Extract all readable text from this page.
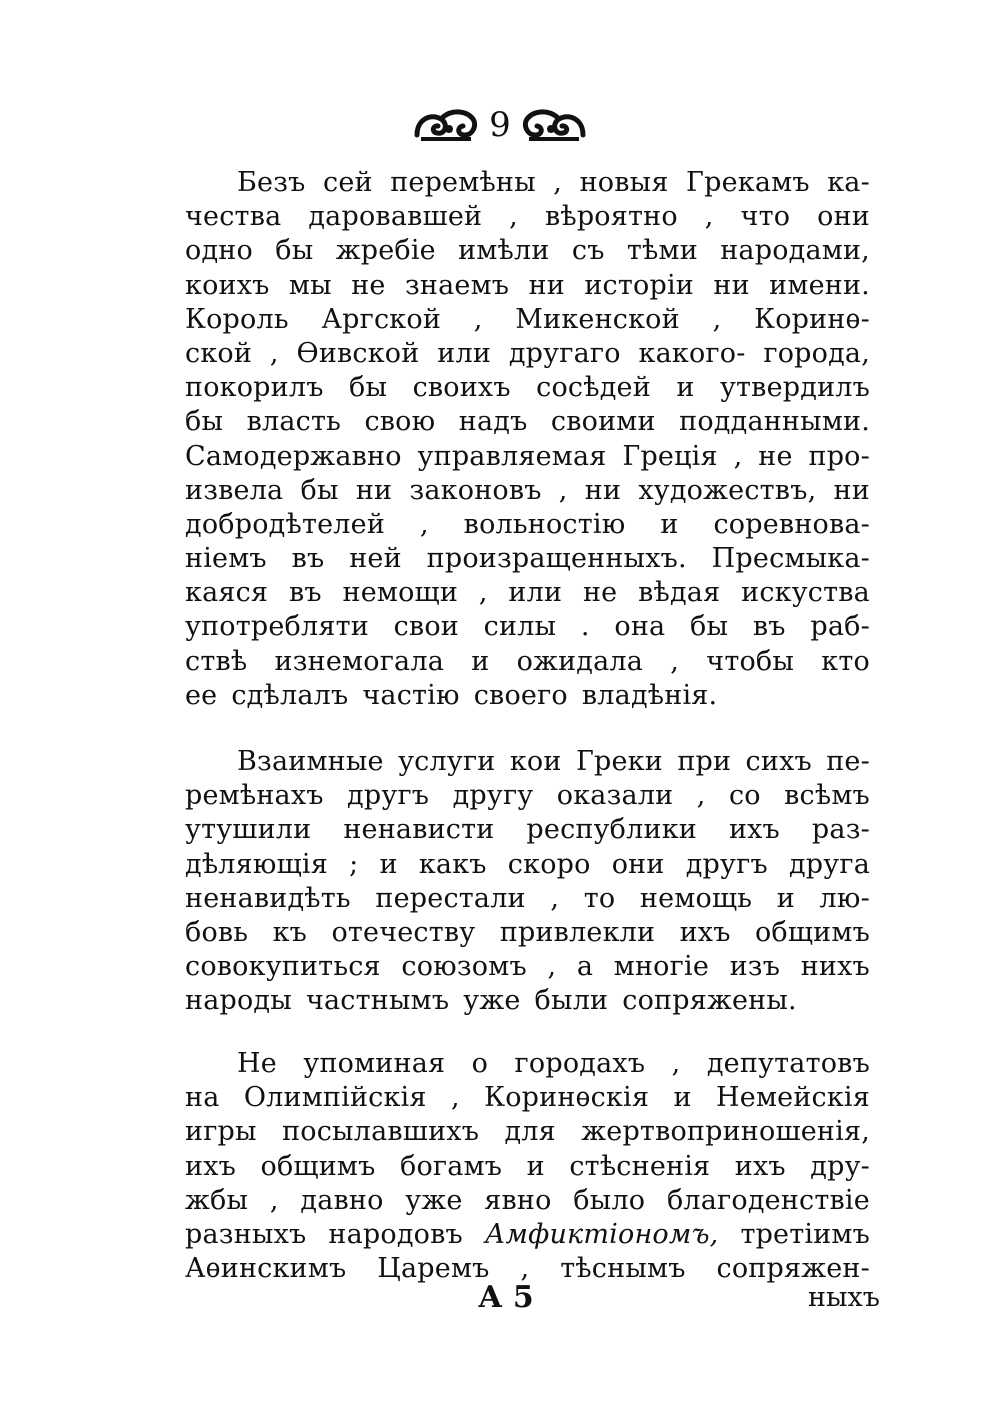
9
Безъ сей перемѣны , новыя Грекамъ ка-
чества даровавшей , вѣроятно , что они
одно бы жребіе имѣли съ тѣми народами,
коихъ мы не знаемъ ни исторіи ни имени.
Король Аргской , Микенской , Коринѳ-
ской , Ѳивской или другаго какого- города,
покорилъ бы своихъ сосѣдей и утвердилъ
бы власть свою надъ своими подданными.
Самодержавно управляемая Греція , не про-
извела бы ни законовъ , ни художествъ, ни
добродѣтелей , вольностію и соревнова-
ніемъ въ ней произращенныхъ. Пресмыка-
каяся въ немощи , или не вѣдая искуства
употребляти свои силы . она бы въ раб-
ствѣ изнемогала и ожидала , чтобы кто
ее сдѣлалъ частію своего владѣнія.
Взаимные услуги кои Греки при сихъ пе-
ремѣнахъ другъ другу оказали , со всѣмъ
утушили ненависти республики ихъ раз-
дѣляющія ; и какъ скоро они другъ друга
ненавидѣть перестали , то немощь и лю-
бовь къ отечеству привлекли ихъ общимъ
совокупиться союзомъ , а многіе изъ нихъ
народы частнымъ уже были сопряжены.
Не упоминая о городахъ , депутатовъ
на Олимпійскія , Коринѳскія и Немейскія
игры посылавшихъ для жертвоприношенія,
ихъ общимъ богамъ и стѣсненія ихъ дру-
жбы , давно уже явно было благоденствіе
разныхъ народовъ Амфиктіономъ, третіимъ
Аѳинскимъ Царемъ , тѣснымъ сопряжен-
А 5	ныхъ
